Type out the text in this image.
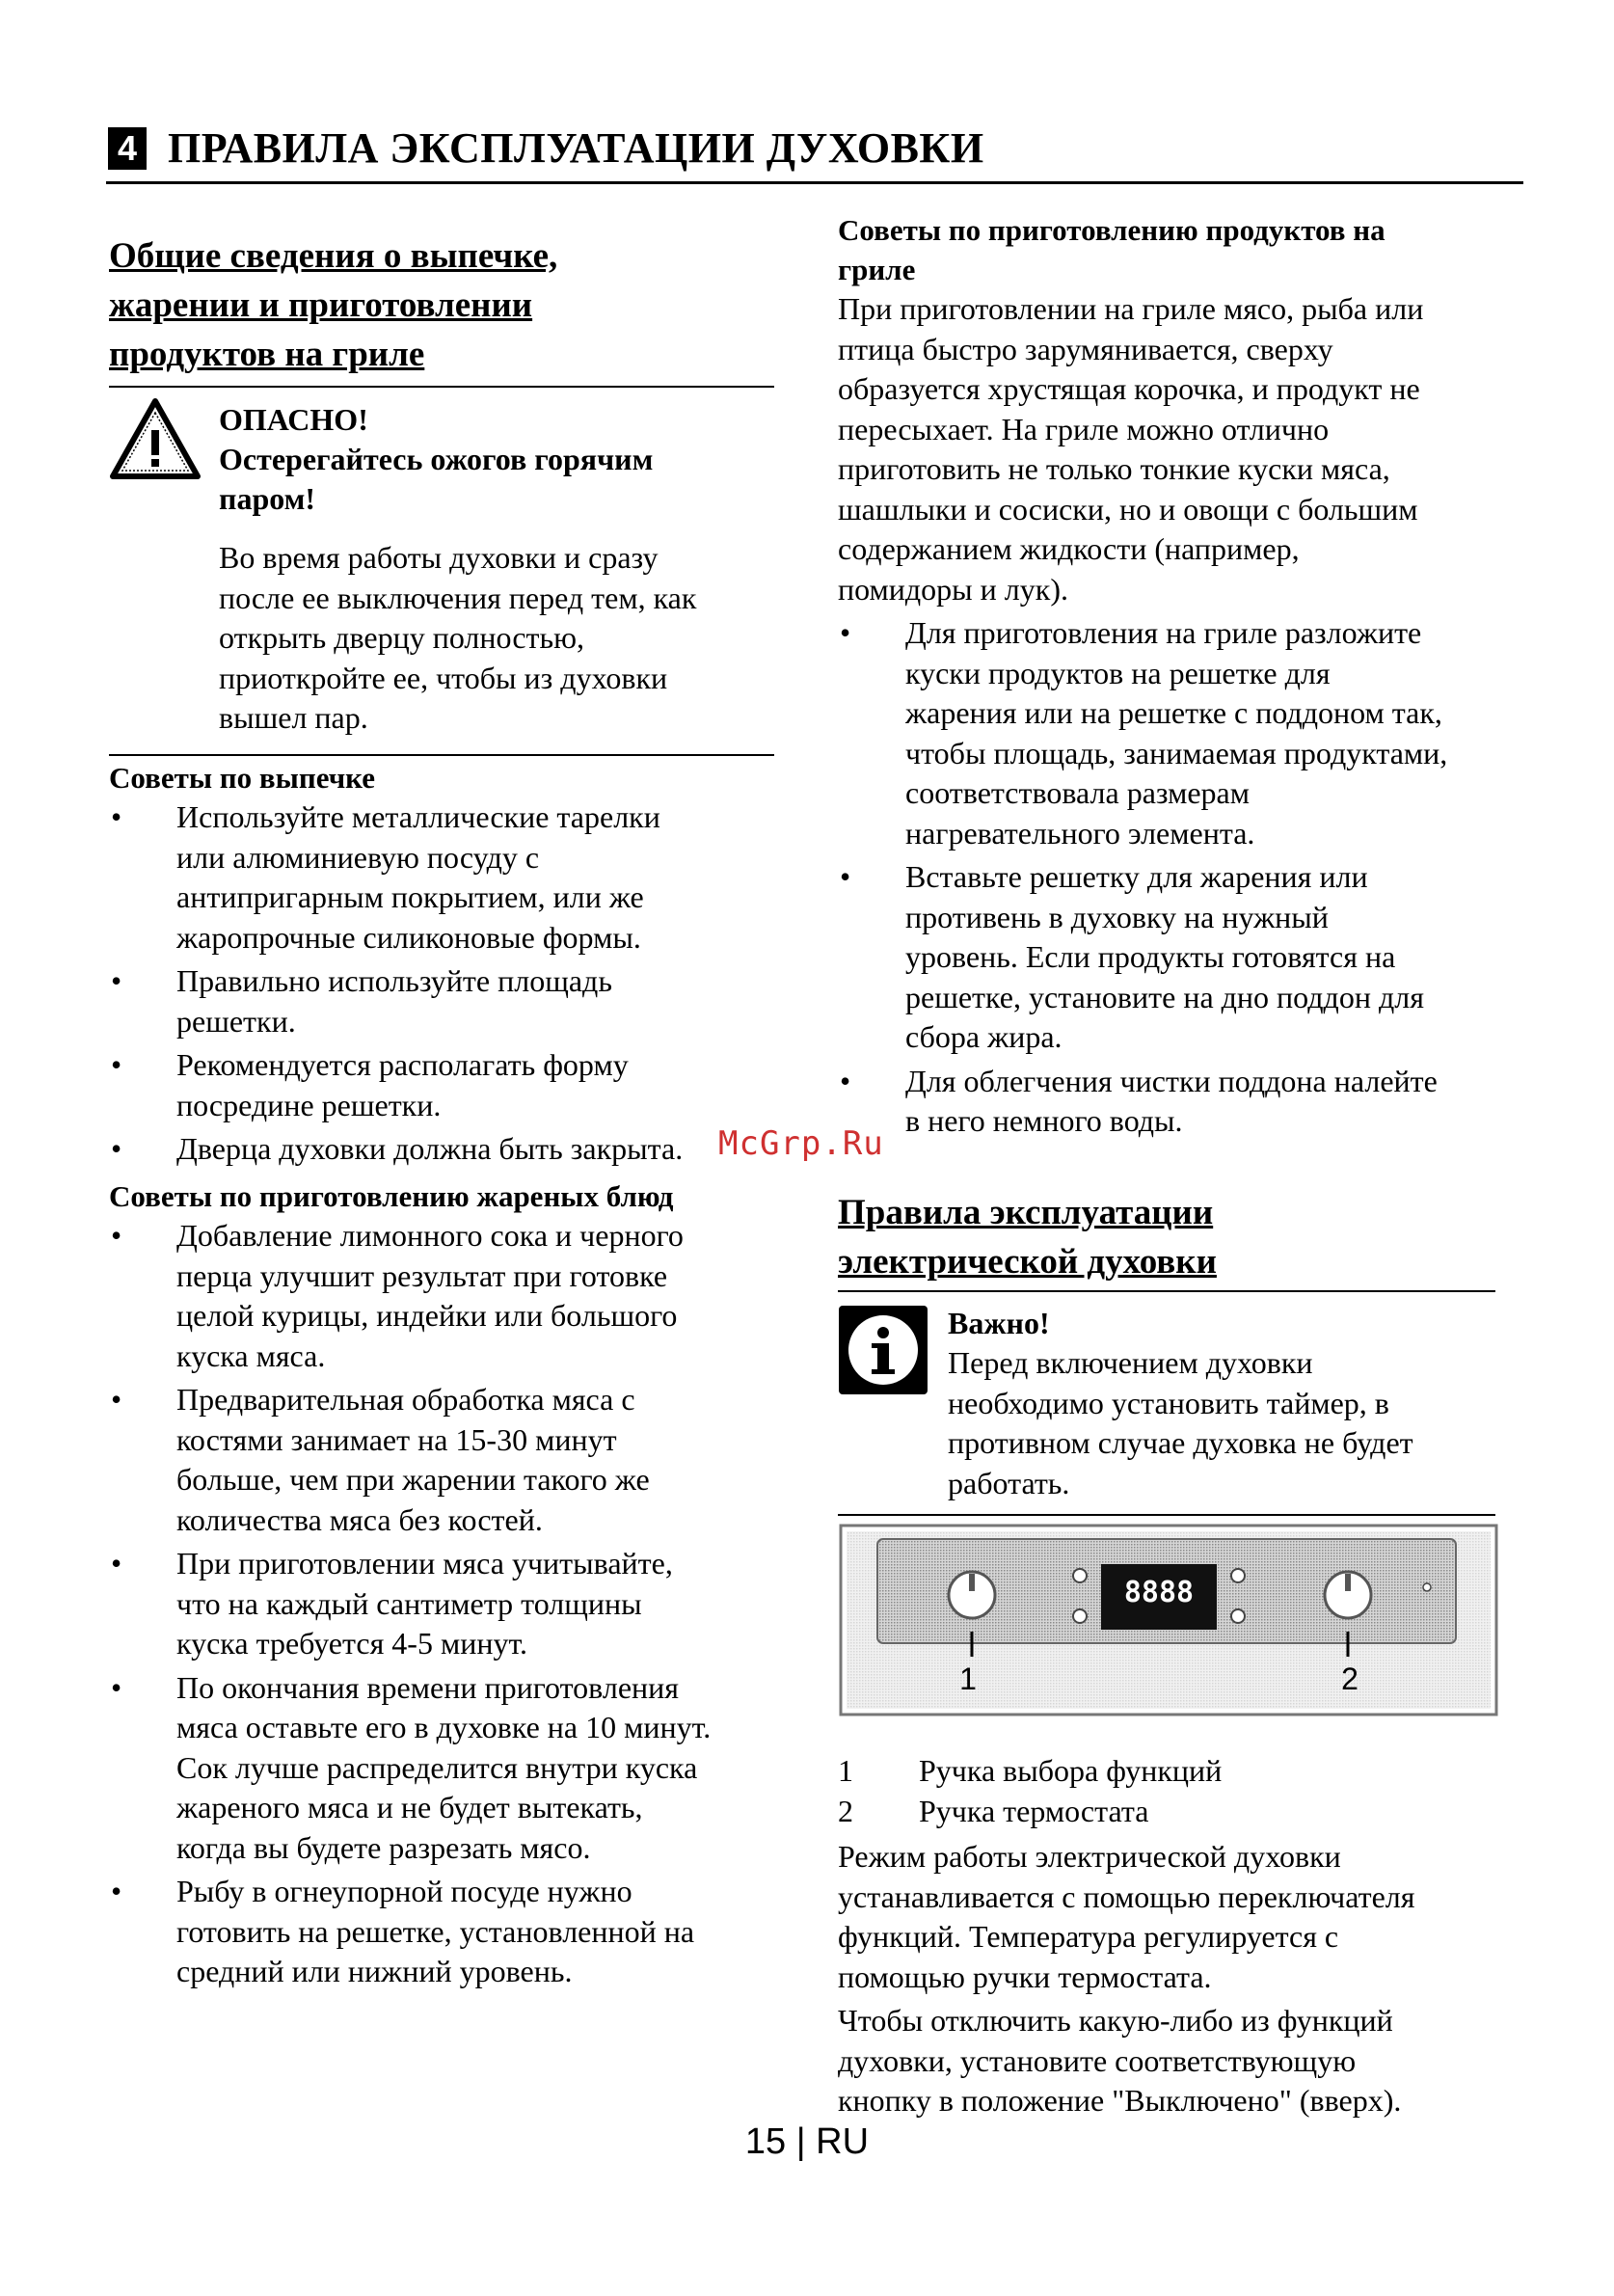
4 ПРАВИЛА ЭКСПЛУАТАЦИИ ДУХОВКИ
Общие сведения о выпечке,
жарении и приготовлении
продуктов на гриле
ОПАСНО!
Остерегайтесь ожогов горячим
паром!
Во время работы духовки и сразу
после ее выключения перед тем, как
открыть дверцу полностью,
приоткройте ее, чтобы из духовки
вышел пар.
Советы по выпечке
• Используйте металлические тарелки
или алюминиевую посуду с
антипригарным покрытием, или же
жаропрочные силиконовые формы.
• Правильно используйте площадь
решетки.
• Рекомендуется располагать форму
посредине решетки.
• Дверца духовки должна быть закрыта.
Советы по приготовлению жареных блюд
• Добавление лимонного сока и черного
перца улучшит результат при готовке
целой курицы, индейки или большого
куска мяса.
• Предварительная обработка мяса с
костями занимает на 15-30 минут
больше, чем при жарении такого же
количества мяса без костей.
• При приготовлении мяса учитывайте,
что на каждый сантиметр толщины
куска требуется 4-5 минут.
• По окончания времени приготовления
мяса оставьте его в духовке на 10 минут.
Сок лучше распределится внутри куска
жареного мяса и не будет вытекать,
когда вы будете разрезать мясо.
• Рыбу в огнеупорной посуде нужно
готовить на решетке, установленной на
средний или нижний уровень.
Советы по приготовлению продуктов на
гриле
При приготовлении на гриле мясо, рыба или
птица быстро зарумянивается, сверху
образуется хрустящая корочка, и продукт не
пересыхает. На гриле можно отлично
приготовить не только тонкие куски мяса,
шашлыки и сосиски, но и овощи с большим
содержанием жидкости (например,
помидоры и лук).
• Для приготовления на гриле разложите
куски продуктов на решетке для
жарения или на решетке с поддоном так,
чтобы площадь, занимаемая продуктами,
соответствовала размерам
нагревательного элемента.
• Вставьте решетку для жарения или
противень в духовку на нужный
уровень. Если продукты готовятся на
решетке, установите на дно поддон для
сбора жира.
• Для облегчения чистки поддона налейте
в него немного воды.
Правила эксплуатации
электрической духовки
Важно!
Перед включением духовки
необходимо установить таймер, в
противном случае духовка не будет
работать.
8888
1	2
1 Ручка выбора функций
2 Ручка термостата
Режим работы электрической духовки
устанавливается с помощью переключателя
функций. Температура регулируется с
помощью ручки термостата.
Чтобы отключить какую-либо из функций
духовки, установите соответствующую
кнопку в положение "Выключено" (вверх).
McGrp.Ru
15 | RU
